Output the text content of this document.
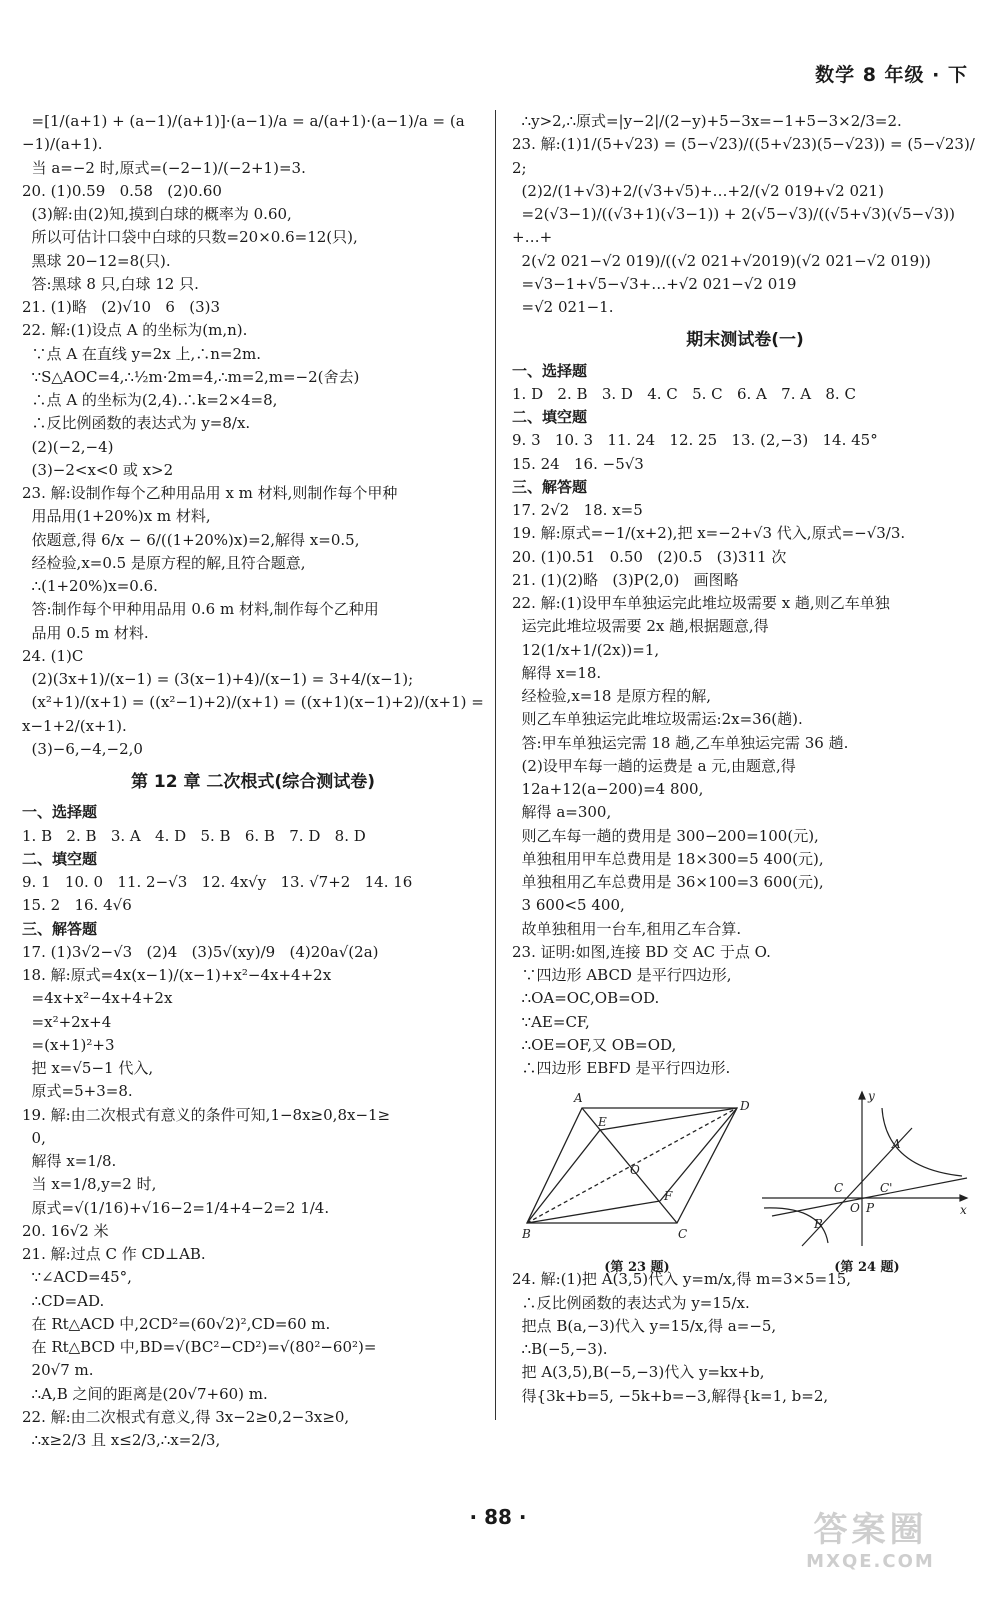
数学 8 年级 · 下
=[1/(a+1) + (a−1)/(a+1)]·(a−1)/a = a/(a+1)·(a−1)/a = (a−1)/(a+1).
当 a=−2 时,原式=(−2−1)/(−2+1)=3.
20. (1)0.59   0.58   (2)0.60
(3)解:由(2)知,摸到白球的概率为 0.60,
所以可估计口袋中白球的只数=20×0.6=12(只),
黑球 20−12=8(只).
答:黑球 8 只,白球 12 只.
21. (1)略   (2)√10   6   (3)3
22. 解:(1)设点 A 的坐标为(m,n).
∵点 A 在直线 y=2x 上,∴n=2m.
∵S△AOC=4,∴½m·2m=4,∴m=2,m=−2(舍去)
∴点 A 的坐标为(2,4).∴k=2×4=8,
∴反比例函数的表达式为 y=8/x.
(2)(−2,−4)
(3)−2<x<0 或 x>2
23. 解:设制作每个乙种用品用 x m 材料,则制作每个甲种
用品用(1+20%)x m 材料,
依题意,得 6/x − 6/((1+20%)x)=2,解得 x=0.5,
经检验,x=0.5 是原方程的解,且符合题意,
∴(1+20%)x=0.6.
答:制作每个甲种用品用 0.6 m 材料,制作每个乙种用
品用 0.5 m 材料.
24. (1)C
(2)(3x+1)/(x−1) = (3(x−1)+4)/(x−1) = 3+4/(x−1);
(x²+1)/(x+1) = ((x²−1)+2)/(x+1) = ((x+1)(x−1)+2)/(x+1) = x−1+2/(x+1).
(3)−6,−4,−2,0
第 12 章 二次根式(综合测试卷)
一、选择题
1. B   2. B   3. A   4. D   5. B   6. B   7. D   8. D
二、填空题
9. 1   10. 0   11. 2−√3   12. 4x√y   13. √7+2   14. 16
15. 2   16. 4√6
三、解答题
17. (1)3√2−√3   (2)4   (3)5√(xy)/9   (4)20a√(2a)
18. 解:原式=4x(x−1)/(x−1)+x²−4x+4+2x
=4x+x²−4x+4+2x
=x²+2x+4
=(x+1)²+3
把 x=√5−1 代入,
原式=5+3=8.
19. 解:由二次根式有意义的条件可知,1−8x≥0,8x−1≥
0,
解得 x=1/8.
当 x=1/8,y=2 时,
原式=√(1/16)+√16−2=1/4+4−2=2 1/4.
20. 16√2 米
21. 解:过点 C 作 CD⊥AB.
∵∠ACD=45°,
∴CD=AD.
在 Rt△ACD 中,2CD²=(60√2)²,CD=60 m.
在 Rt△BCD 中,BD=√(BC²−CD²)=√(80²−60²)=
20√7 m.
∴A,B 之间的距离是(20√7+60) m.
22. 解:由二次根式有意义,得 3x−2≥0,2−3x≥0,
∴x≥2/3 且 x≤2/3,∴x=2/3,
∴y>2,∴原式=|y−2|/(2−y)+5−3x=−1+5−3×2/3=2.
23. 解:(1)1/(5+√23) = (5−√23)/((5+√23)(5−√23)) = (5−√23)/2;
(2)2/(1+√3)+2/(√3+√5)+…+2/(√2 019+√2 021)
=2(√3−1)/((√3+1)(√3−1)) + 2(√5−√3)/((√5+√3)(√5−√3)) +…+
2(√2 021−√2 019)/((√2 021+√2019)(√2 021−√2 019))
=√3−1+√5−√3+…+√2 021−√2 019
=√2 021−1.
期末测试卷(一)
一、选择题
1. D   2. B   3. D   4. C   5. C   6. A   7. A   8. C
二、填空题
9. 3   10. 3   11. 24   12. 25   13. (2,−3)   14. 45°
15. 24   16. −5√3
三、解答题
17. 2√2   18. x=5
19. 解:原式=−1/(x+2),把 x=−2+√3 代入,原式=−√3/3.
20. (1)0.51   0.50   (2)0.5   (3)311 次
21. (1)(2)略   (3)P(2,0)   画图略
22. 解:(1)设甲车单独运完此堆垃圾需要 x 趟,则乙车单独
运完此堆垃圾需要 2x 趟,根据题意,得
12(1/x+1/(2x))=1,
解得 x=18.
经检验,x=18 是原方程的解,
则乙车单独运完此堆垃圾需运:2x=36(趟).
答:甲车单独运完需 18 趟,乙车单独运完需 36 趟.
(2)设甲车每一趟的运费是 a 元,由题意,得
12a+12(a−200)=4 800,
解得 a=300,
则乙车每一趟的费用是 300−200=100(元),
单独租用甲车总费用是 18×300=5 400(元),
单独租用乙车总费用是 36×100=3 600(元),
3 600<5 400,
故单独租用一台车,租用乙车合算.
23. 证明:如图,连接 BD 交 AC 于点 O.
∵四边形 ABCD 是平行四边形,
∴OA=OC,OB=OD.
∵AE=CF,
∴OE=OF,又 OB=OD,
∴四边形 EBFD 是平行四边形.
A
D
E
O
F
B	C
(第 23 题)
y
x
A
C	C'
O P
B
(第 24 题)
24. 解:(1)把 A(3,5)代入 y=m/x,得 m=3×5=15,
∴反比例函数的表达式为 y=15/x.
把点 B(a,−3)代入 y=15/x,得 a=−5,
∴B(−5,−3).
把 A(3,5),B(−5,−3)代入 y=kx+b,
得{3k+b=5, −5k+b=−3,解得{k=1, b=2,
· 88 ·	答案圈
MXQE.COM
